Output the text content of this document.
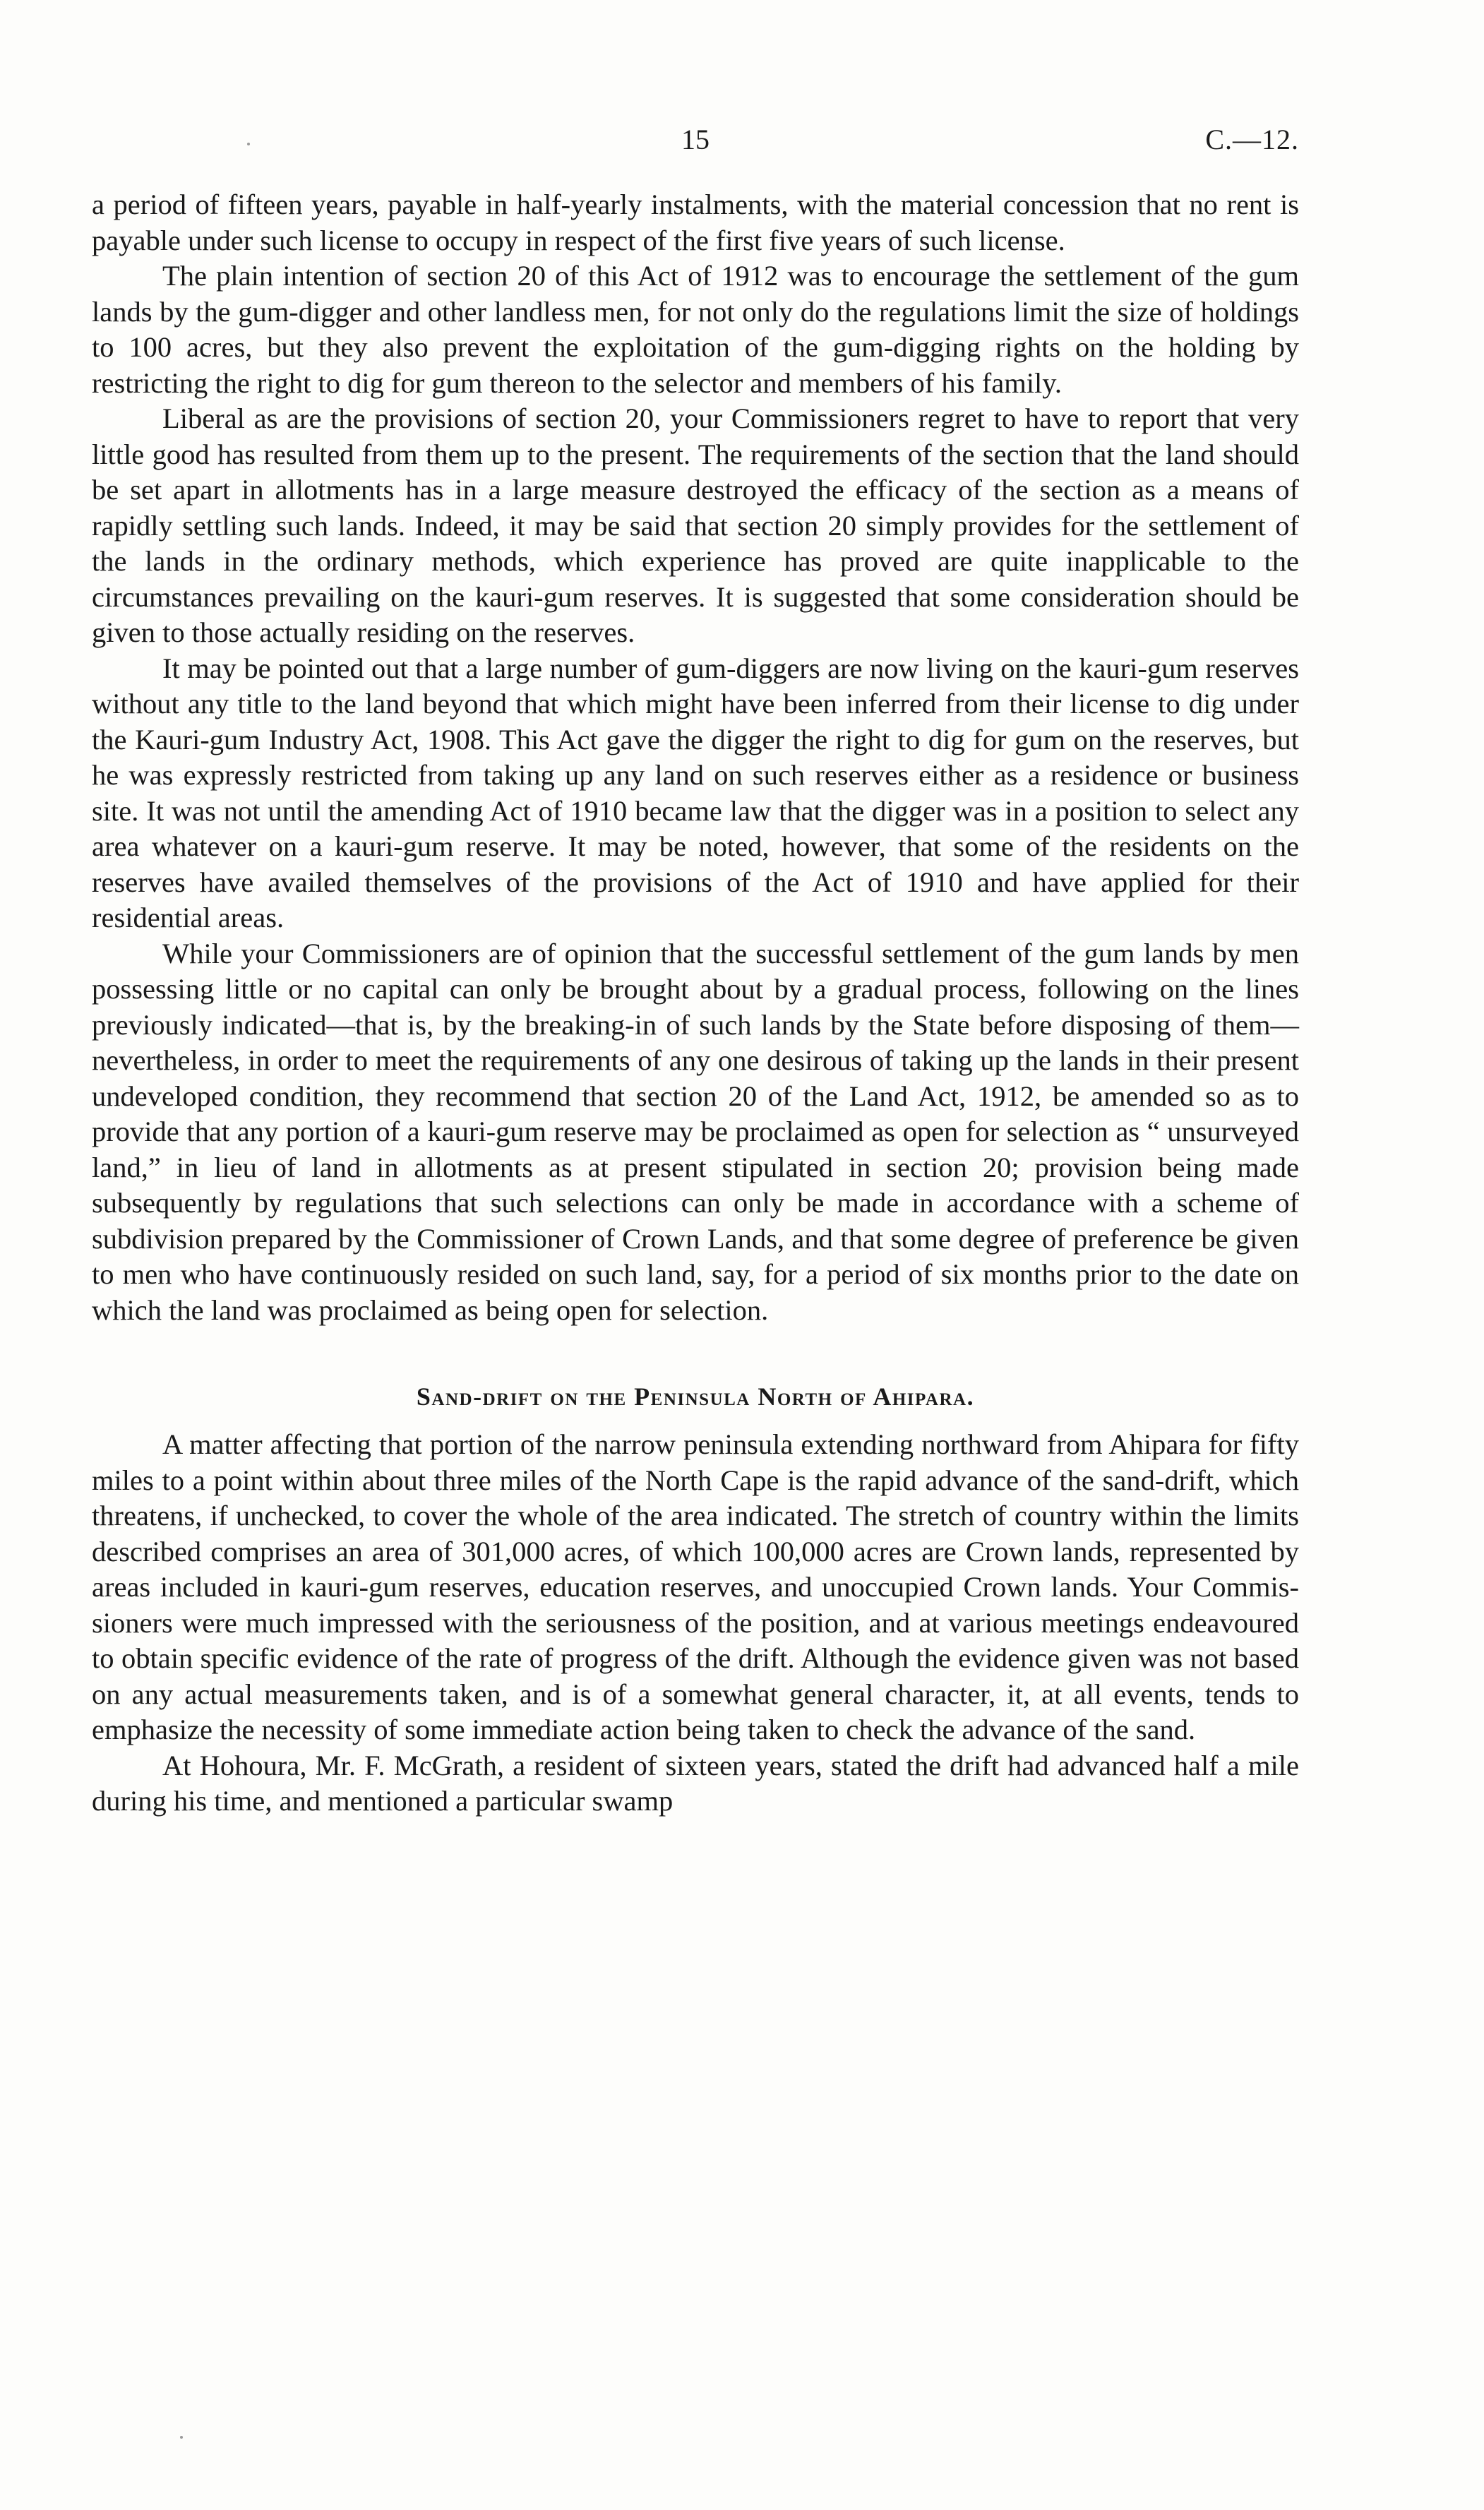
15	C.—12.

a period of fifteen years, payable in half-yearly instalments, with the material concession that no rent is payable under such license to occupy in respect of the first five years of such license.

The plain intention of section 20 of this Act of 1912 was to encourage the settlement of the gum lands by the gum-digger and other landless men, for not only do the regulations limit the size of holdings to 100 acres, but they also prevent the exploitation of the gum-digging rights on the holding by restricting the right to dig for gum thereon to the selector and members of his family.

Liberal as are the provisions of section 20, your Commissioners regret to have to report that very little good has resulted from them up to the present. The requirements of the section that the land should be set apart in allotments has in a large measure destroyed the efficacy of the section as a means of rapidly settling such lands. Indeed, it may be said that section 20 simply provides for the settlement of the lands in the ordinary methods, which experience has proved are quite inapplicable to the circumstances prevailing on the kauri-gum reserves. It is suggested that some consideration should be given to those actually residing on the reserves.

It may be pointed out that a large number of gum-diggers are now living on the kauri-gum reserves without any title to the land beyond that which might have been inferred from their license to dig under the Kauri-gum Industry Act, 1908. This Act gave the digger the right to dig for gum on the reserves, but he was expressly restricted from taking up any land on such reserves either as a residence or business site. It was not until the amending Act of 1910 became law that the digger was in a position to select any area whatever on a kauri-gum reserve. It may be noted, however, that some of the residents on the reserves have availed themselves of the provisions of the Act of 1910 and have applied for their residential areas.

While your Commissioners are of opinion that the successful settlement of the gum lands by men possessing little or no capital can only be brought about by a gradual process, following on the lines previously indicated—that is, by the breaking-in of such lands by the State before disposing of them—nevertheless, in order to meet the requirements of any one desirous of taking up the lands in their present undeveloped condition, they recommend that section 20 of the Land Act, 1912, be amended so as to provide that any portion of a kauri-gum reserve may be proclaimed as open for selection as “ unsurveyed land,” in lieu of land in allotments as at present stipulated in section 20; provision being made subsequently by regulations that such selections can only be made in accordance with a scheme of subdivision prepared by the Commissioner of Crown Lands, and that some degree of preference be given to men who have continuously resided on such land, say, for a period of six months prior to the date on which the land was proclaimed as being open for selection.

Sand-drift on the Peninsula North of Ahipara.

A matter affecting that portion of the narrow peninsula extending northward from Ahipara for fifty miles to a point within about three miles of the North Cape is the rapid advance of the sand-drift, which threatens, if unchecked, to cover the whole of the area indicated. The stretch of country within the limits described comprises an area of 301,000 acres, of which 100,000 acres are Crown lands, represented by areas included in kauri-gum reserves, education reserves, and unoccupied Crown lands. Your Commissioners were much impressed with the seriousness of the position, and at various meetings endeavoured to obtain specific evidence of the rate of progress of the drift. Although the evidence given was not based on any actual measurements taken, and is of a somewhat general character, it, at all events, tends to emphasize the necessity of some immediate action being taken to check the advance of the sand.

At Hohoura, Mr. F. McGrath, a resident of sixteen years, stated the drift had advanced half a mile during his time, and mentioned a particular swamp
